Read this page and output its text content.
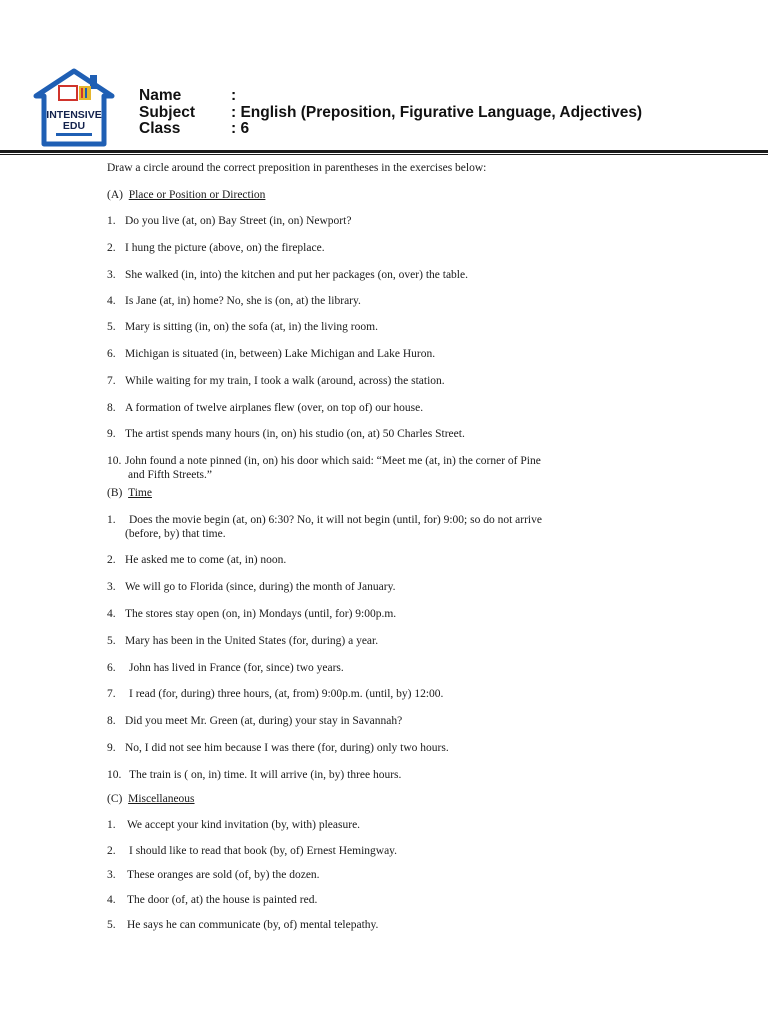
INTENSIVE
EDU
Name	:
Subject : English (Preposition, Figurative Language, Adjectives)
Class	: 6
Draw a circle around the correct preposition in parentheses in the exercises below:
(A) Place or Position or Direction
1. Do you live (at, on) Bay Street (in, on) Newport?
2. I hung the picture (above, on) the fireplace.
3. She walked (in, into) the kitchen and put her packages (on, over) the table.
4. Is Jane (at, in) home? No, she is (on, at) the library.
5. Mary is sitting (in, on) the sofa (at, in) the living room.
6. Michigan is situated (in, between) Lake Michigan and Lake Huron.
7. While waiting for my train, I took a walk (around, across) the station.
8. A formation of twelve airplanes flew (over, on top of) our house.
9. The artist spends many hours (in, on) his studio (on, at) 50 Charles Street.
10. John found a note pinned (in, on) his door which said: “Meet me (at, in) the corner of Pine
and Fifth Streets.”
(B) Time
1. Does the movie begin (at, on) 6:30? No, it will not begin (until, for) 9:00; so do not arrive
(before, by) that time.
2. He asked me to come (at, in) noon.
3. We will go to Florida (since, during) the month of January.
4. The stores stay open (on, in) Mondays (until, for) 9:00p.m.
5. Mary has been in the United States (for, during) a year.
6. John has lived in France (for, since) two years.
7. I read (for, during) three hours, (at, from) 9:00p.m. (until, by) 12:00.
8. Did you meet Mr. Green (at, during) your stay in Savannah?
9. No, I did not see him because I was there (for, during) only two hours.
10. The train is ( on, in) time. It will arrive (in, by) three hours.
(C) Miscellaneous
1. We accept your kind invitation (by, with) pleasure.
2. I should like to read that book (by, of) Ernest Hemingway.
3. These oranges are sold (of, by) the dozen.
4. The door (of, at) the house is painted red.
5. He says he can communicate (by, of) mental telepathy.
